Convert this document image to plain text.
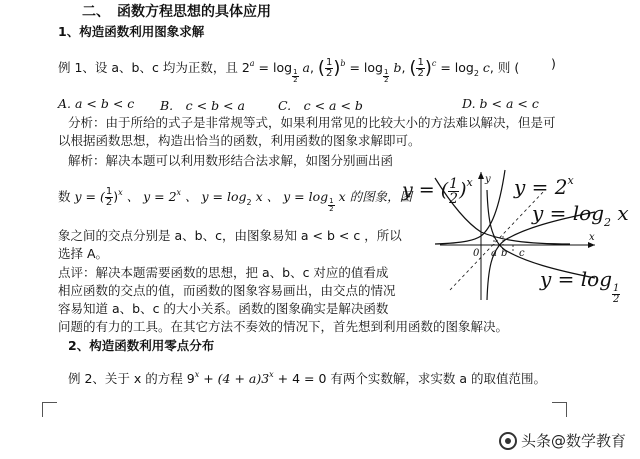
二、　函数方程思想的具体应用
1、构造函数利用图象求解
例 1、设 a、b、c 均为正数，且 $2^a = \log$
$\frac{1}{2}$
a, ( $\frac{1}{2} )^b = \log$
$\frac{1}{2}$
b, ( $\frac{1}{2} )^c = \log_2 c$, 则 (	)
A. a < b < c B.　c < b < a	C.　c < a < b	D. b < a < c
分析：由于所给的式子是非常规等式，如果利用常见的比较大小的方法难以解决，但是可
以根据函数思想，构造出恰当的函数，利用函数的图象求解即可。
解析：解决本题可以利用数形结合法求解，如图分别画出函
数 y = ( $\frac{1}{2} )^x$ 、 $y = 2^x$ 、 $y = \log_2 x$ 、 y = log
$\frac{1}{2}$
x 的图象，图
象之间的交点分别是 a、b、c，由图象易知 a < b < c ，所以
选择 A。
点评：解决本题需要函数的思想，把 a、b、c 对应的值看成
相应函数的交点的值，而函数的图象容易画出，由交点的情况
容易知道 a、b、c 的大小关系。函数的图象确实是解决函数
问题的有力的工具。在其它方法不奏效的情况下，首先想到利用函数的图象解决。
2、构造函数利用零点分布
例 2、关于 x 的方程 $9^x + (4 + a)3^x + 4 = 0$ 有两个实数解，求实数 a 的取值范围。
y
x
0 a b c
y = ( $\frac{1}{2} )^x$ $y = 2^x$
$y = \log_2 x$
y = log
$\frac{1}{2}$
头条@数学教育
